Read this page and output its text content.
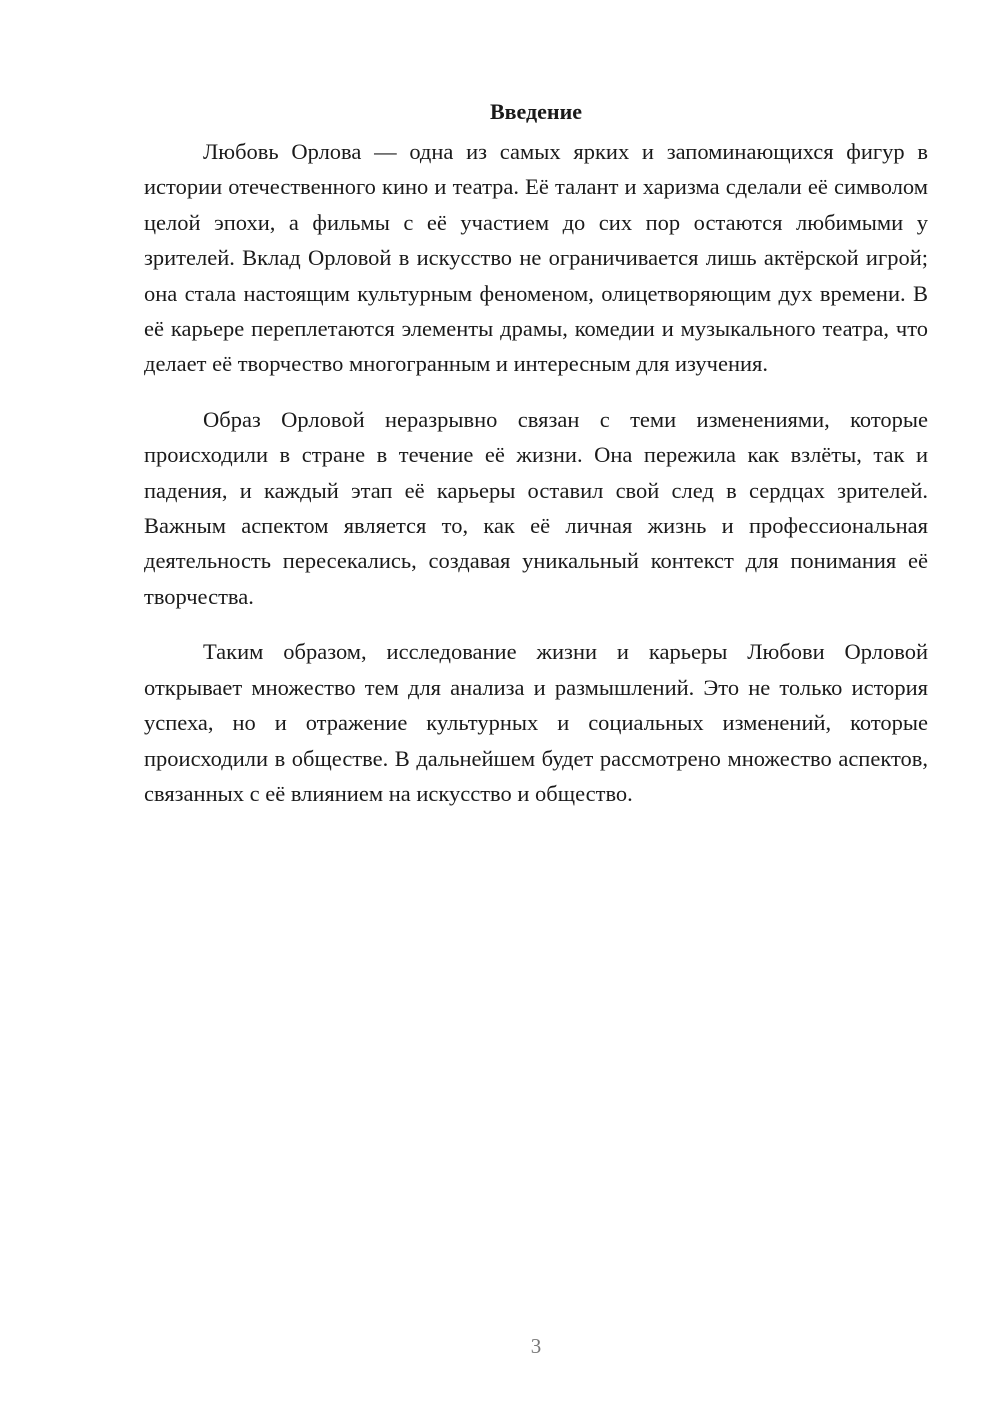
Введение

Любовь Орлова — одна из самых ярких и запоминающихся фигур в истории отечественного кино и театра. Её талант и харизма сделали её символом целой эпохи, а фильмы с её участием до сих пор остаются любимыми у зрителей. Вклад Орловой в искусство не ограничивается лишь актёрской игрой; она стала настоящим культурным феноменом, олицетворяющим дух времени. В её карьере переплетаются элементы драмы, комедии и музыкального театра, что делает её творчество многогранным и интересным для изучения.

Образ Орловой неразрывно связан с теми изменениями, которые происходили в стране в течение её жизни. Она пережила как взлёты, так и падения, и каждый этап её карьеры оставил свой след в сердцах зрителей. Важным аспектом является то, как её личная жизнь и профессиональная деятельность пересекались, создавая уникальный контекст для понимания её творчества.

Таким образом, исследование жизни и карьеры Любови Орловой открывает множество тем для анализа и размышлений. Это не только история успеха, но и отражение культурных и социальных изменений, которые происходили в обществе. В дальнейшем будет рассмотрено множество аспектов, связанных с её влиянием на искусство и общество.

3
